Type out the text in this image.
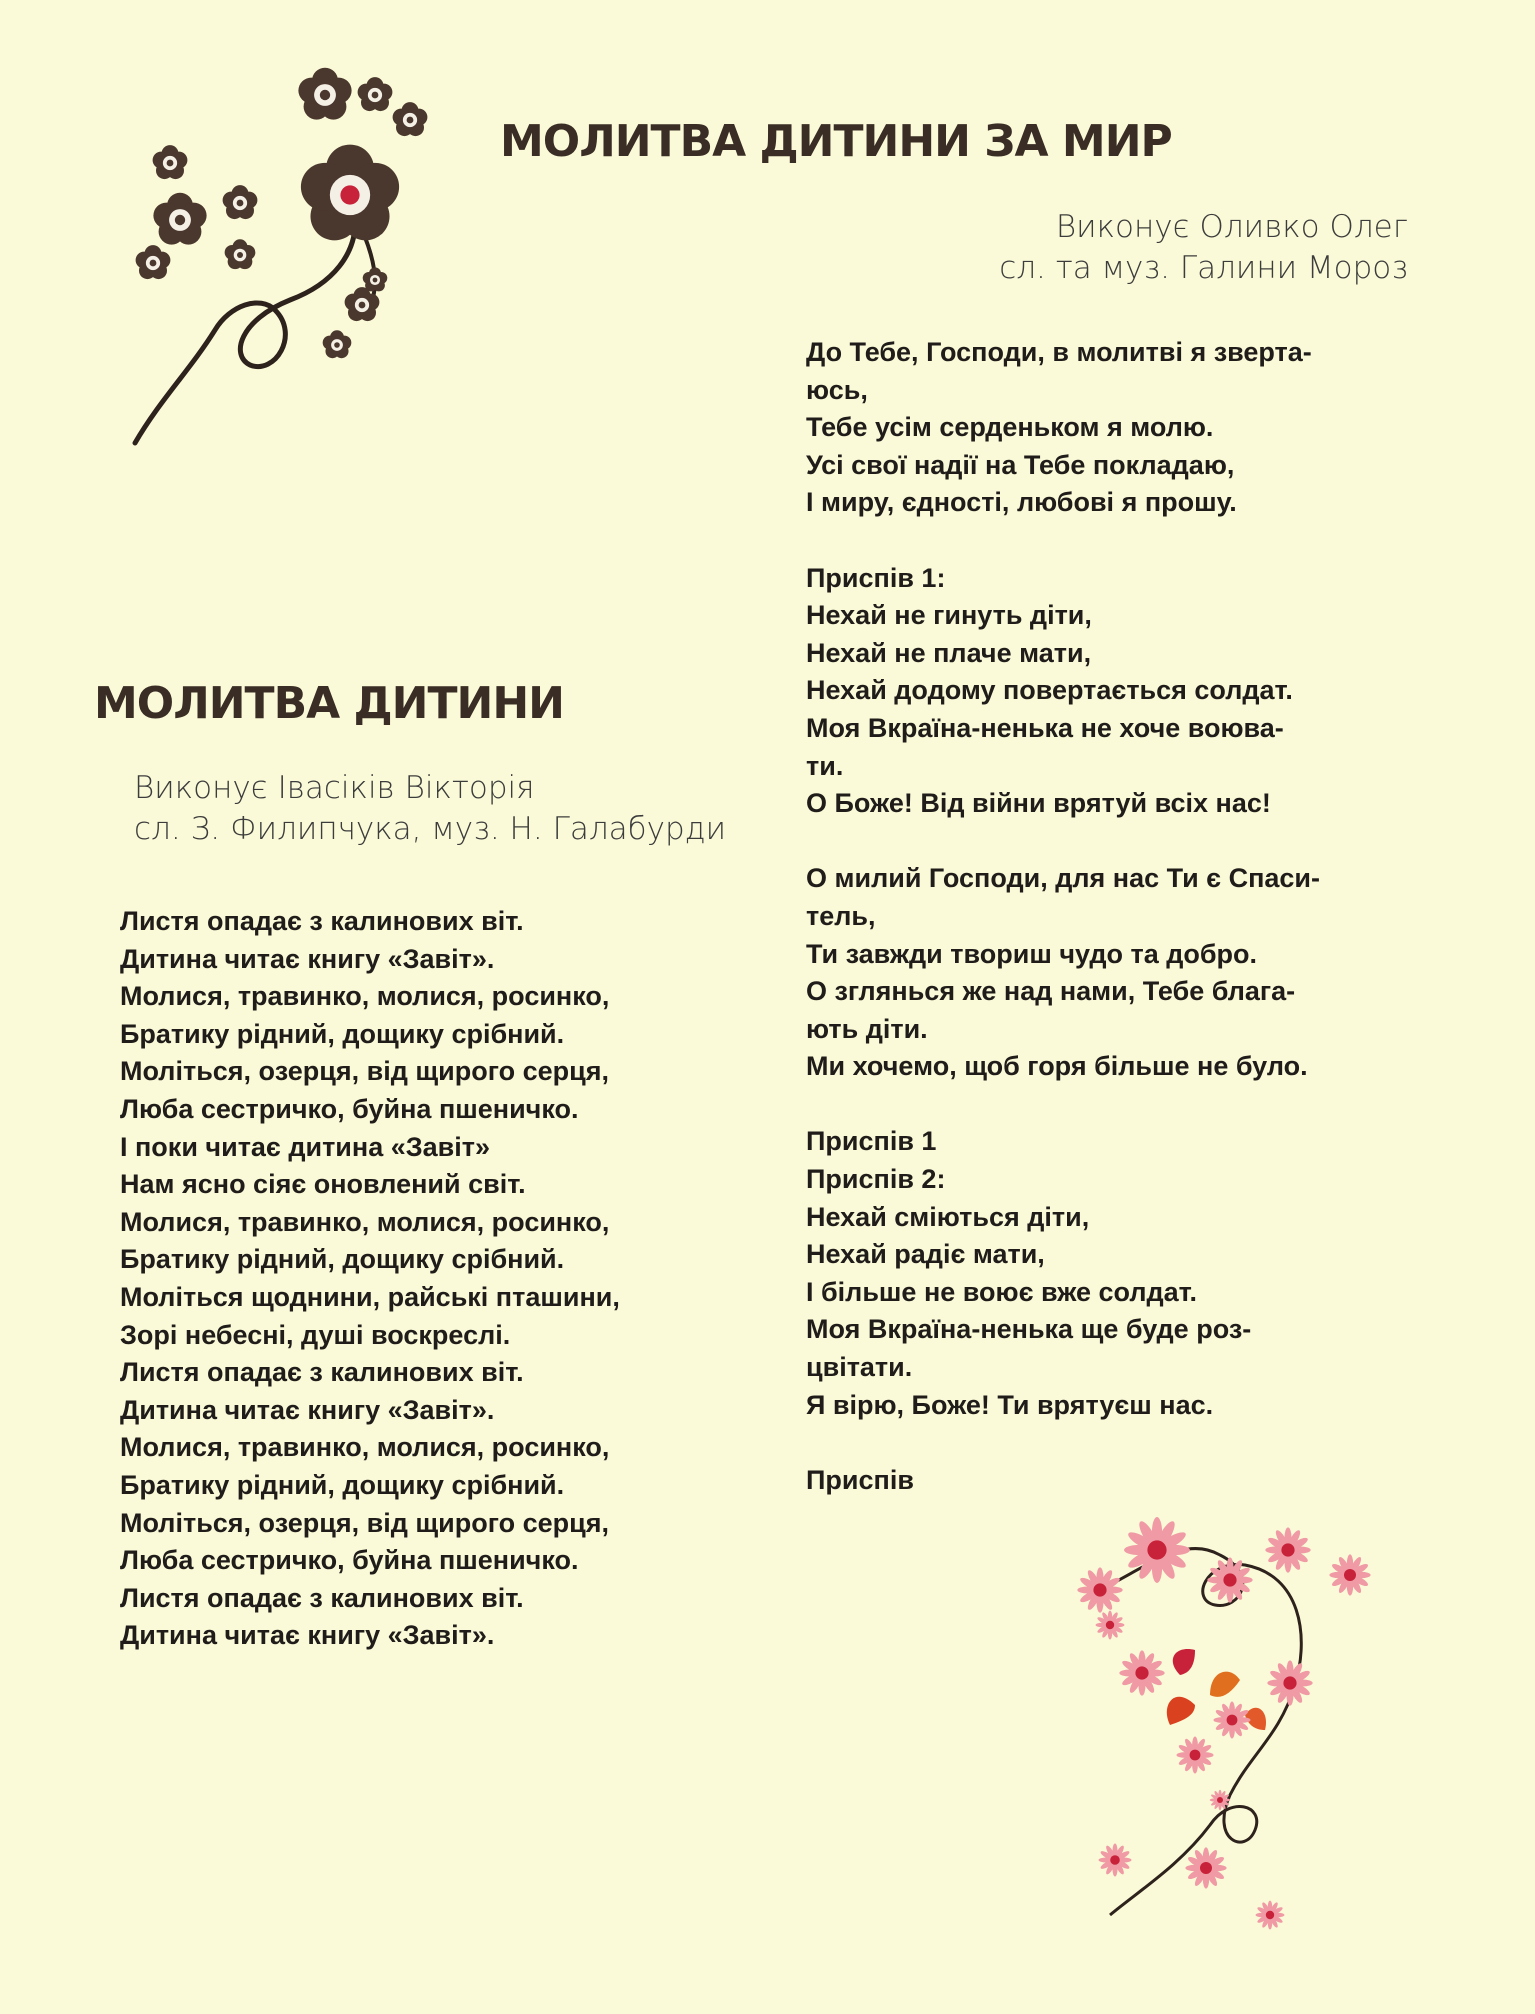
МОЛИТВА ДИТИНИ ЗА МИР
Виконує Оливко Олег
сл. та муз. Галини Мороз
До Тебе, Господи, в молитві я зверта-
юсь,
Тебе усім серденьком я молю.
Усі свої надії на Тебе покладаю,
І миру, єдності, любові я прошу.
Приспів 1:
Нехай не гинуть діти,
Нехай не плаче мати,
Нехай додому повертається солдат.
Моя Вкраїна-ненька не хоче воюва-
ти.
О Боже! Від війни врятуй всіх нас!
О милий Господи, для нас Ти є Спаси-
тель,
Ти завжди твориш чудо та добро.
О зглянься же над нами, Тебе блага-
ють діти.
Ми хочемо, щоб горя більше не було.
Приспів 1
Приспів 2:
Нехай сміються діти,
Нехай радіє мати,
І більше не воює вже солдат.
Моя Вкраїна-ненька ще буде роз-
цвітати.
Я вірю, Боже! Ти врятуєш нас.
Приспів
МОЛИТВА ДИТИНИ
Виконує Івасіків Вікторія
сл. З. Филипчука, муз. Н. Галабурди
Листя опадає з калинових віт.
Дитина читає книгу «Завіт».
Молися, травинко, молися, росинко,
Братику рідний, дощику срібний.
Моліться, озерця, від щирого серця,
Люба сестричко, буйна пшеничко.
І поки читає дитина «Завіт»
Нам ясно сіяє оновлений світ.
Молися, травинко, молися, росинко,
Братику рідний, дощику срібний.
Моліться щоднини, райські пташини,
Зорі небесні, душі воскреслі.
Листя опадає з калинових віт.
Дитина читає книгу «Завіт».
Молися, травинко, молися, росинко,
Братику рідний, дощику срібний.
Моліться, озерця, від щирого серця,
Люба сестричко, буйна пшеничко.
Листя опадає з калинових віт.
Дитина читає книгу «Завіт».
